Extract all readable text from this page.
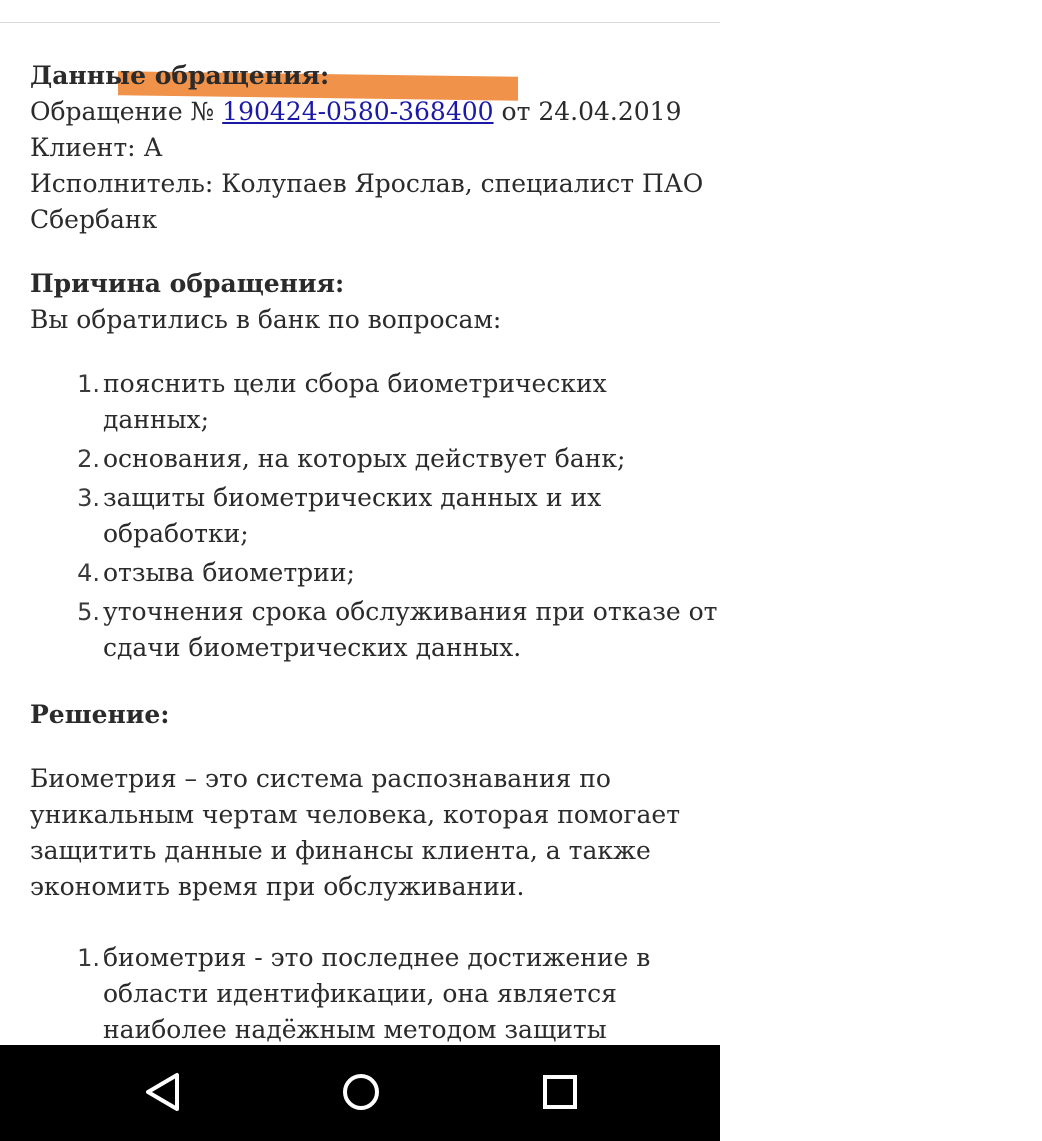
Данные обращения:
Обращение № 190424-0580-368400 от 24.04.2019
Клиент: А
Исполнитель: Колупаев Ярослав, специалист ПАО
Сбербанк
Причина обращения:
Вы обратились в банк по вопросам:
1. пояснить цели сбора биометрических данных;
2. основания, на которых действует банк;
3. защиты биометрических данных и их обработки;
4. отзыва биометрии;
5. уточнения срока обслуживания при отказе от сдачи биометрических данных.
Решение:
Биометрия – это система распознавания по
уникальным чертам человека, которая помогает
защитить данные и финансы клиента, а также
экономить время при обслуживании.
1. биометрия - это последнее достижение в области идентификации, она является наиболее надёжным методом защиты
